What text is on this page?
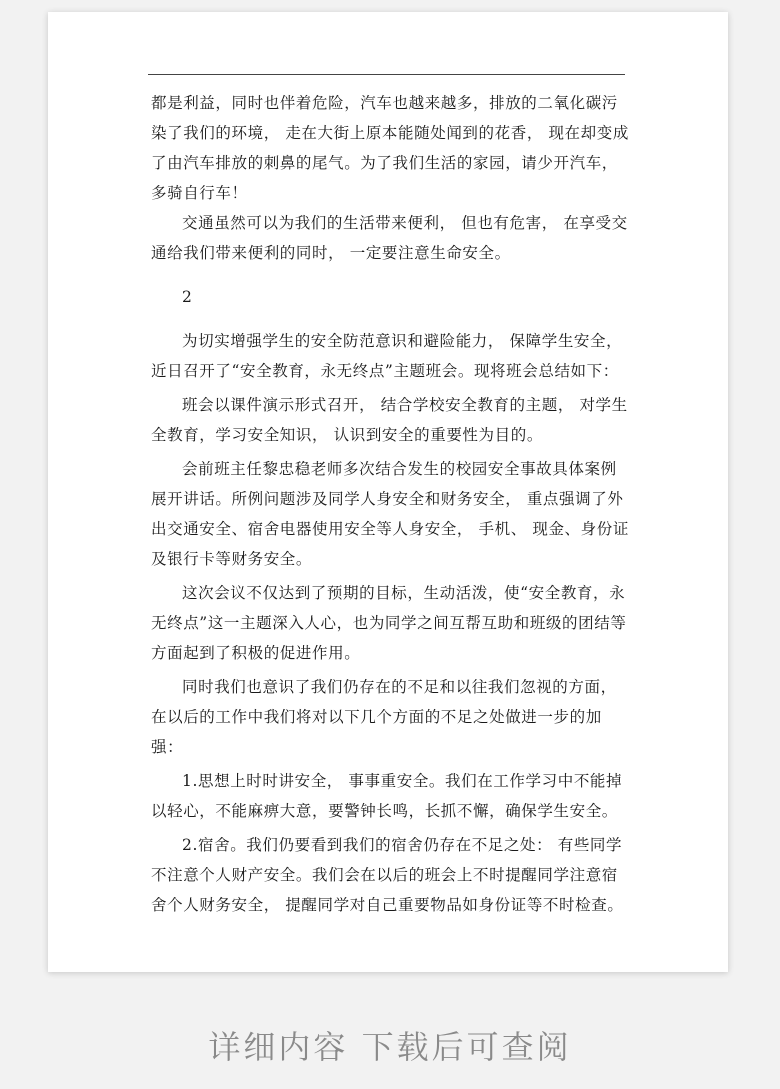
都是利益，同时也伴着危险，汽车也越来越多，排放的二氧化碳污染了我们的环境， 走在大街上原本能随处闻到的花香， 现在却变成了由汽车排放的刺鼻的尾气。为了我们生活的家园，请少开汽车，多骑自行车！

交通虽然可以为我们的生活带来便利， 但也有危害， 在享受交通给我们带来便利的同时， 一定要注意生命安全。

2

为切实增强学生的安全防范意识和避险能力， 保障学生安全， 近日召开了“安全教育，永无终点”主题班会。现将班会总结如下：

班会以课件演示形式召开， 结合学校安全教育的主题， 对学生全教育，学习安全知识， 认识到安全的重要性为目的。

会前班主任黎忠稳老师多次结合发生的校园安全事故具体案例展开讲话。所例问题涉及同学人身安全和财务安全， 重点强调了外出交通安全、宿舍电器使用安全等人身安全， 手机、 现金、身份证及银行卡等财务安全。

这次会议不仅达到了预期的目标，生动活泼，使“安全教育，永无终点”这一主题深入人心，也为同学之间互帮互助和班级的团结等方面起到了积极的促进作用。

同时我们也意识了我们仍存在的不足和以往我们忽视的方面，在以后的工作中我们将对以下几个方面的不足之处做进一步的加强：

1.思想上时时讲安全， 事事重安全。我们在工作学习中不能掉以轻心，不能麻痹大意，要警钟长鸣，长抓不懈，确保学生安全。

2.宿舍。我们仍要看到我们的宿舍仍存在不足之处： 有些同学不注意个人财产安全。我们会在以后的班会上不时提醒同学注意宿舍个人财务安全， 提醒同学对自己重要物品如身份证等不时检查。

详细内容 下载后可查阅
